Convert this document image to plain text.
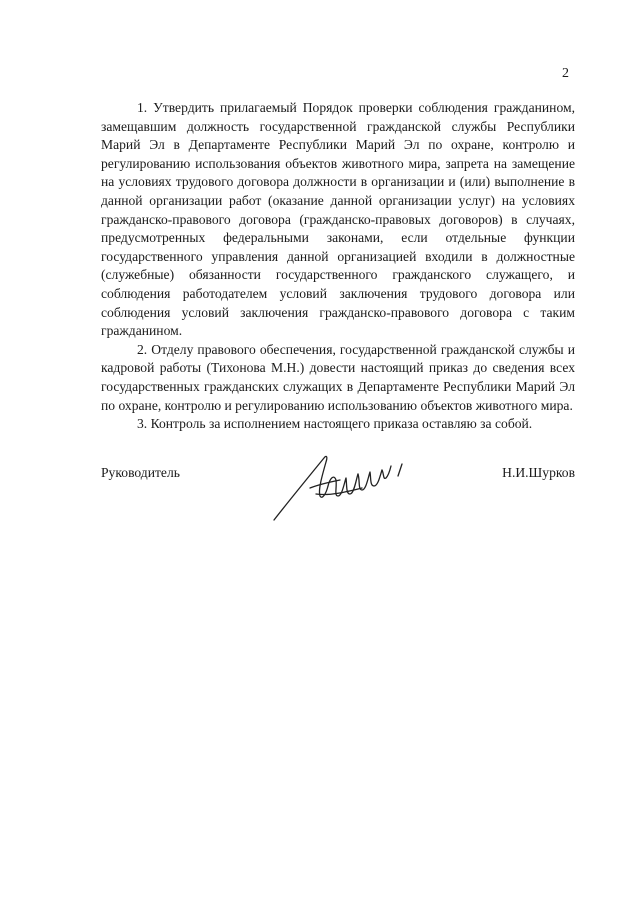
2

1. Утвердить прилагаемый Порядок проверки соблюдения гражданином, замещавшим должность государственной гражданской службы Республики Марий Эл в Департаменте Республики Марий Эл по охране, контролю и регулированию использования объектов животного мира, запрета на замещение на условиях трудового договора должности в организации и (или) выполнение в данной организации работ (оказание данной организации услуг) на условиях гражданско-правового договора (гражданско-правовых договоров) в случаях, предусмотренных федеральными законами, если отдельные функции государственного управления данной организацией входили в должностные (служебные) обязанности государственного гражданского служащего, и соблюдения работодателем условий заключения трудового договора или соблюдения условий заключения гражданско-правового договора с таким гражданином.

2. Отделу правового обеспечения, государственной гражданской службы и кадровой работы (Тихонова М.Н.) довести настоящий приказ до сведения всех государственных гражданских служащих в Департаменте Республики Марий Эл по охране, контролю и регулированию использованию объектов животного мира.

3. Контроль за исполнением настоящего приказа оставляю за собой.

Руководитель	Н.И.Шурков
